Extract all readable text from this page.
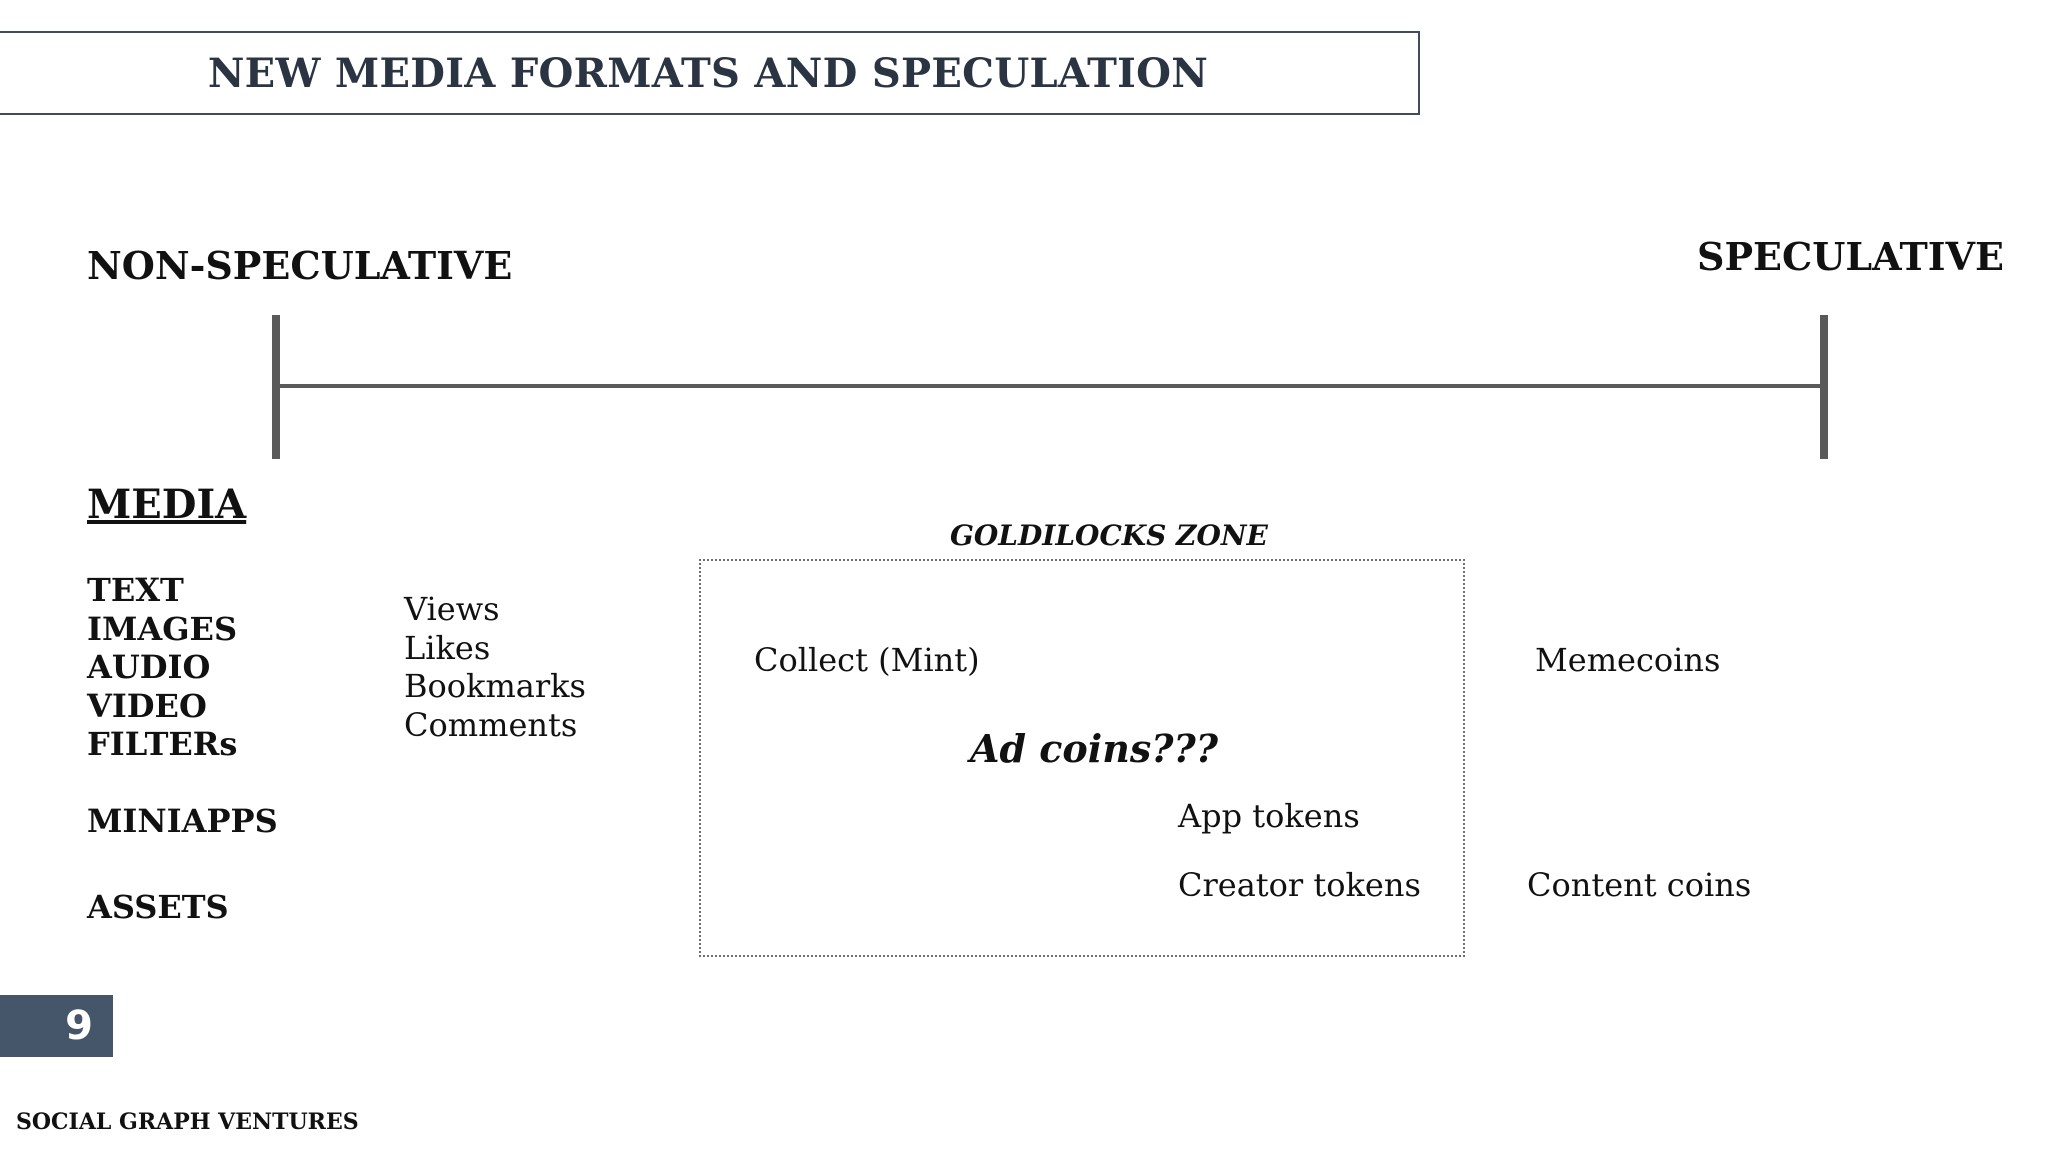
NEW MEDIA FORMATS AND SPECULATION
NON-SPECULATIVE	SPECULATIVE
MEDIA
TEXT
IMAGES
AUDIO
VIDEO
FILTERs
MINIAPPS
ASSETS
Views
Likes
Bookmarks
Comments
GOLDILOCKS ZONE
Collect (Mint)
Ad coins???
App tokens
Creator tokens
Memecoins
Content coins
9
SOCIAL GRAPH VENTURES
